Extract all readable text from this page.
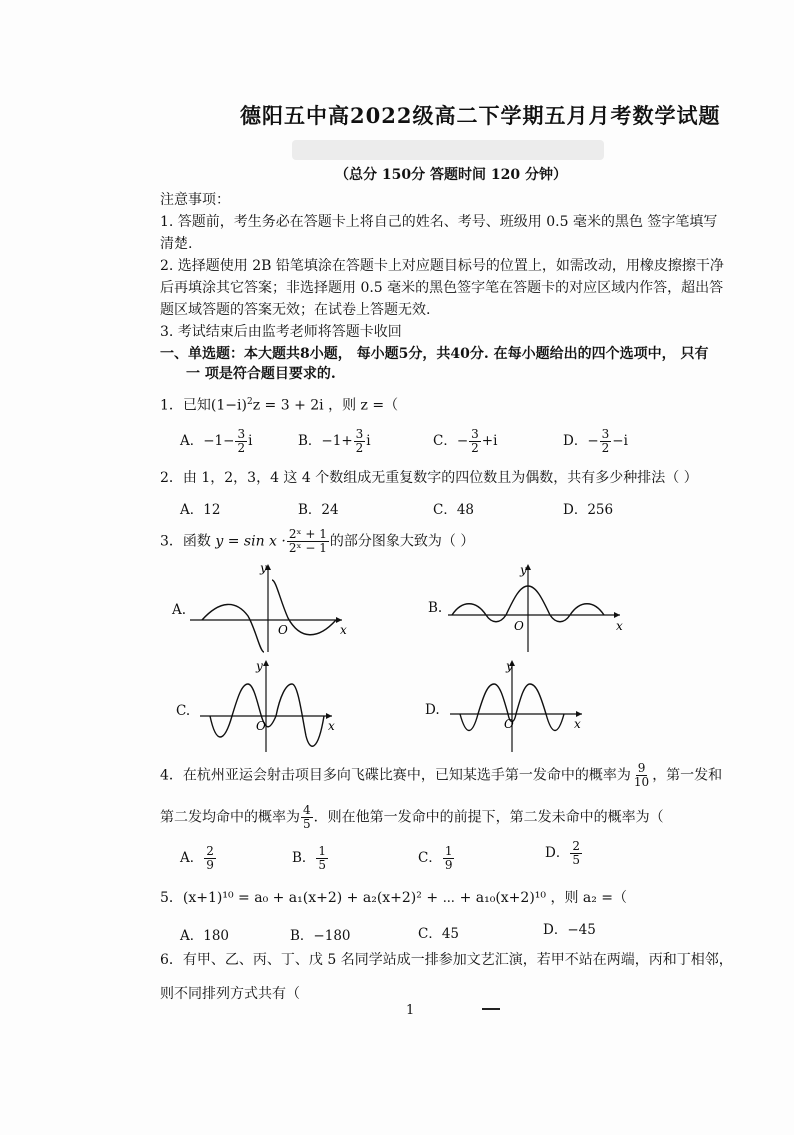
德阳五中高2022级高二下学期五月月考数学试题
（总分 150分 答题时间 120 分钟）
注意事项：
1. 答题前，考生务必在答题卡上将自己的姓名、考号、班级用 0.5 毫米的黑色 签字笔填写
清楚.
2. 选择题使用 2B 铅笔填涂在答题卡上对应题目标号的位置上，如需改动，用橡皮擦擦干净
后再填涂其它答案；非选择题用 0.5 毫米的黑色签字笔在答题卡的对应区域内作答，超出答
题区域答题的答案无效；在试卷上答题无效.
3. 考试结束后由监考老师将答题卡收回
一、单选题：本大题共8小题， 每小题5分，共40分. 在每小题给出的四个选项中， 只有
一 项是符合题目要求的.
1．已知$(1-i)^2z = 3 + 2i$ ，则 z =（
A．$-1- \frac{3}{2}$ i	B．$-1+ \frac{3}{2}$ i	C．− $\frac{3}{2} +i$	D．− $\frac{3}{2} -i$
2．由 1，2，3，4 这 4 个数组成无重复数字的四位数且为偶数，共有多少种排法（ ）
A．12	B．24	C．48	D．256
3．函数 $y = \sin x \cdot \frac{\text{2ˣ + 1}}{\text{2ˣ − 1}}$ 的部分图象大致为（ ）
A.
y
x
O
B.
y
x
O
C.
y
x
O
D.
y
x
O
4．在杭州亚运会射击项目多向飞碟比赛中，已知某选手第一发命中的概率为 $\frac{9}{10}$ ，第一发和
第二发均命中的概率为 $\frac{4}{5}$ ．则在他第一发命中的前提下，第二发未命中的概率为（
A． $\frac{2}{9}$	B． $\frac{1}{5}$	C． $\frac{1}{9}$	D． $\frac{2}{5}$
5．(x+1)¹⁰ = a₀ + a₁(x+2) + a₂(x+2)² + ⋯ + a₁₀(x+2)¹⁰ ，则 a₂ =（
A．180	B．−180	C．45	D．−45
6．有甲、乙、丙、丁、戊 5 名同学站成一排参加文艺汇演，若甲不站在两端，丙和丁相邻，
则不同排列方式共有（
1
